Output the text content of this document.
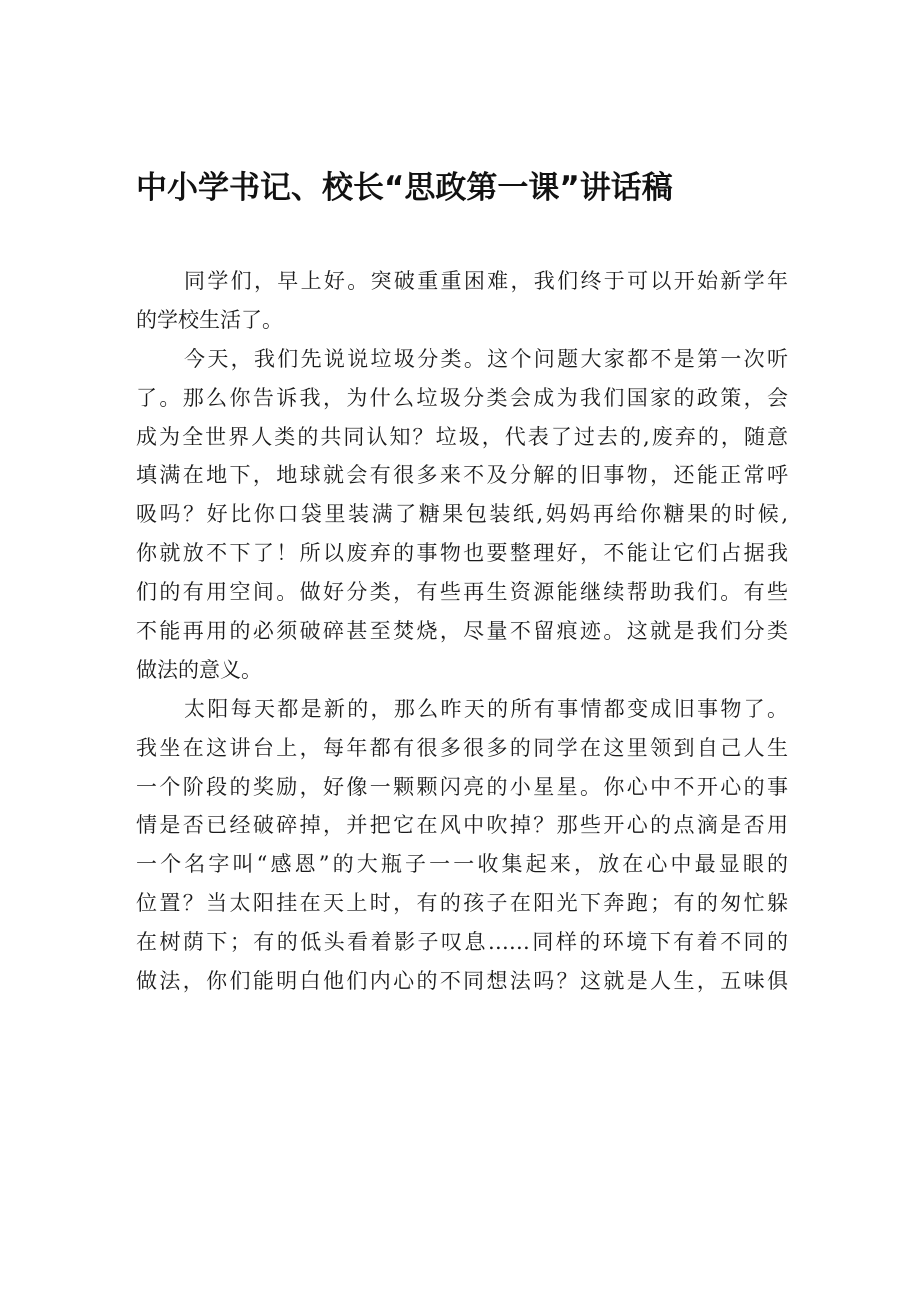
中小学书记、校长“思政第一课”讲话稿
同学们，早上好。突破重重困难，我们终于可以开始新学年
的学校生活了。
今天，我们先说说垃圾分类。这个问题大家都不是第一次听
了。那么你告诉我，为什么垃圾分类会成为我们国家的政策，会
成为全世界人类的共同认知？垃圾，代表了过去的,废弃的，随意
填满在地下，地球就会有很多来不及分解的旧事物，还能正常呼
吸吗？好比你口袋里装满了糖果包装纸,妈妈再给你糖果的时候,
你就放不下了！所以废弃的事物也要整理好，不能让它们占据我
们的有用空间。做好分类，有些再生资源能继续帮助我们。有些
不能再用的必须破碎甚至焚烧，尽量不留痕迹。这就是我们分类
做法的意义。
太阳每天都是新的，那么昨天的所有事情都变成旧事物了。
我坐在这讲台上，每年都有很多很多的同学在这里领到自己人生
一个阶段的奖励，好像一颗颗闪亮的小星星。你心中不开心的事
情是否已经破碎掉，并把它在风中吹掉？那些开心的点滴是否用
一个名字叫“感恩”的大瓶子一一收集起来，放在心中最显眼的
位置？当太阳挂在天上时，有的孩子在阳光下奔跑；有的匆忙躲
在树荫下；有的低头看着影子叹息……同样的环境下有着不同的
做法，你们能明白他们内心的不同想法吗？这就是人生，五味俱
